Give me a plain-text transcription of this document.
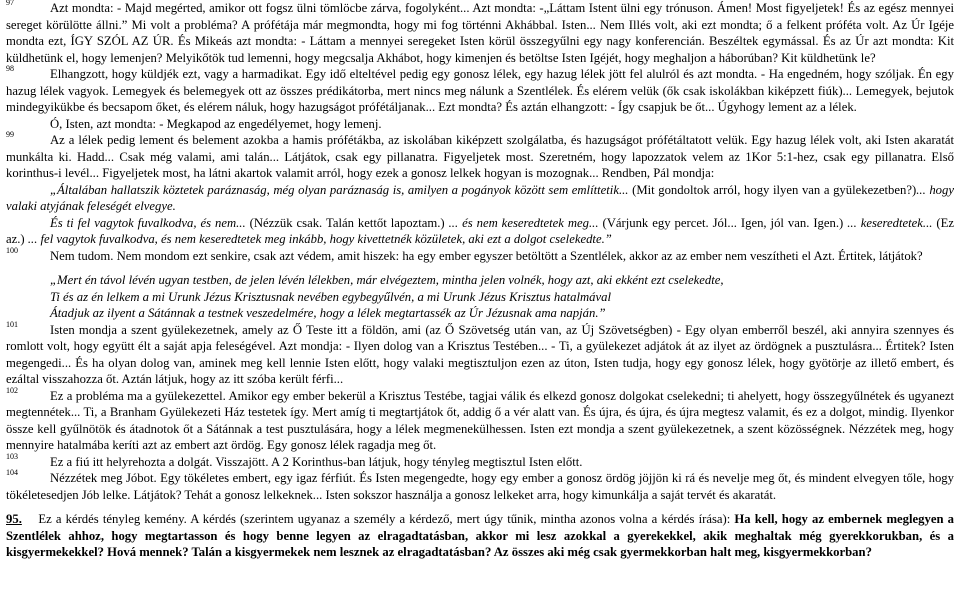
97	Azt mondta: - Majd megérted, amikor ott fogsz ülni tömlöcbe zárva, fogolyként... Azt mondta: -„Láttam Istent ülni egy trónuson. Ámen! Most figyeljetek! És az egész mennyei sereget körülötte állni.” Mi volt a probléma? A prófétája már megmondta, hogy mi fog történni Akhábbal. Isten... Nem Illés volt, aki ezt mondta; ő a felkent próféta volt. Az Úr Igéje mondta ezt, ÍGY SZÓL AZ ÚR. És Mikeás azt mondta: - Láttam a mennyei seregeket Isten körül összegyűlni egy nagy konferencián. Beszéltek egymással. És az Úr azt mondta: Kit küldhetünk el, hogy lemenjen? Melyikőtök tud lemenni, hogy megcsalja Akhábot, hogy kimenjen és betöltse Isten Igéjét, hogy meghaljon a háborúban? Kit küldhetünk le?
98	Elhangzott, hogy küldjék ezt, vagy a harmadikat. Egy idő elteltével pedig egy gonosz lélek, egy hazug lélek jött fel alulról és azt mondta. - Ha engedném, hogy szóljak. Én egy hazug lélek vagyok. Lemegyek és belemegyek ott az összes prédikátorba, mert nincs meg nálunk a Szentlélek. És elérem velük (ők csak iskolákban kiképzett fiúk)... Lemegyek, bejutok mindegyikükbe és becsapom őket, és elérem náluk, hogy hazugságot prófétáljanak... Ezt mondta? És aztán elhangzott: - Így csapjuk be őt... Úgyhogy lement az a lélek.
Ó, Isten, azt mondta: - Megkapod az engedélyemet, hogy lemenj.
99	Az a lélek pedig lement és belement azokba a hamis prófétákba, az iskolában kiképzett szolgálatba, és hazugságot prófétáltatott velük. Egy hazug lélek volt, aki Isten akaratát munkálta ki. Hadd... Csak még valami, ami talán... Látjátok, csak egy pillanatra. Figyeljetek most. Szeretném, hogy lapozzatok velem az 1Kor 5:1-hez, csak egy pillanatra. Első korinthus-i levél... Figyeljetek most, ha látni akartok valamit arról, hogy ezek a gonosz lelkek hogyan is mozognak... Rendben, Pál mondja:
„Általában hallatszik köztetek paráznaság, még olyan paráznaság is, amilyen a pogányok között sem említtetik... (Mit gondoltok arról, hogy ilyen van a gyülekezetben?)... hogy valaki atyjának feleségét elvegye.
És ti fel vagytok fuvalkodva, és nem... (Nézzük csak. Talán kettőt lapoztam.) ... és nem keseredtetek meg... (Várjunk egy percet. Jól... Igen, jól van. Igen.) ... keseredtetek... (Ez az.) ... fel vagytok fuvalkodva, és nem keseredtetek meg inkább, hogy kivettetnék közületek, aki ezt a dolgot cselekedte.”
100	Nem tudom. Nem mondom ezt senkire, csak azt védem, amit hiszek: ha egy ember egyszer betöltött a Szentlélek, akkor az az ember nem veszítheti el Azt. Értitek, látjátok?
„Mert én távol lévén ugyan testben, de jelen lévén lélekben, már elvégeztem, mintha jelen volnék, hogy azt, aki ekként ezt cselekedte,
Ti és az én lelkem a mi Urunk Jézus Krisztusnak nevében egybegyűlvén, a mi Urunk Jézus Krisztus hatalmával
Átadjuk az ilyent a Sátánnak a testnek veszedelmére, hogy a lélek megtartassék az Úr Jézusnak ama napján.”
101	Isten mondja a szent gyülekezetnek, amely az Ő Teste itt a földön, ami (az Ő Szövetség után van, az Új Szövetségben) - Egy olyan emberről beszél, aki annyira szennyes és romlott volt, hogy együtt élt a saját apja feleségével. Azt mondja: - Ilyen dolog van a Krisztus Testében... - Ti, a gyülekezet adjátok át az ilyet az ördögnek a pusztulásra... Értitek? Isten megengedi... És ha olyan dolog van, aminek meg kell lennie Isten előtt, hogy valaki megtisztuljon ezen az úton, Isten tudja, hogy egy gonosz lélek, hogy gyötörje az illető embert, és ezáltal visszahozza őt. Aztán látjuk, hogy az itt szóba került férfi...
102	Ez a probléma ma a gyülekezettel. Amikor egy ember bekerül a Krisztus Testébe, tagjai válik és elkezd gonosz dolgokat cselekedni; ti ahelyett, hogy összegyűlnétek és ugyanezt megtennétek... Ti, a Branham Gyülekezeti Ház testetek így. Mert amíg ti megtartjátok őt, addig ő a vér alatt van. És újra, és újra, és újra megtesz valamit, és ez a dolgot, mindig. Ilyenkor össze kell gyűlnötök és átadnotok őt a Sátánnak a test pusztulására, hogy a lélek megmenekülhessen. Isten ezt mondja a szent gyülekezetnek, a szent közösségnek. Nézzétek meg, hogy mennyire hatalmába keríti azt az embert azt ördög. Egy gonosz lélek ragadja meg őt.
103	Ez a fiú itt helyrehozta a dolgát. Visszajött. A 2 Korinthus-ban látjuk, hogy tényleg megtisztul Isten előtt.
104	Nézzétek meg Jóbot. Egy tökéletes embert, egy igaz férfiút. És Isten megengedte, hogy egy ember a gonosz ördög jöjjön ki rá és nevelje meg őt, és mindent elvegyen tőle, hogy tökéletesedjen Jób lelke. Látjátok? Tehát a gonosz lelkeknek... Isten sokszor használja a gonosz lelkeket arra, hogy kimunkálja a saját tervét és akaratát.
95. Ez a kérdés tényleg kemény. A kérdés (szerintem ugyanaz a személy a kérdező, mert úgy tűnik, mintha azonos volna a kérdés írása): Ha kell, hogy az embernek meglegyen a Szentlélek ahhoz, hogy megtartasson és hogy benne legyen az elragadtatásban, akkor mi lesz azokkal a gyerekekkel, akik meghaltak még gyerekkorukban, és a kisgyermekekkel? Hová mennek? Talán a kisgyermekek nem lesznek az elragadtatásban? Az összes aki még csak gyermekkorban halt meg, kisgyermekkorban?
